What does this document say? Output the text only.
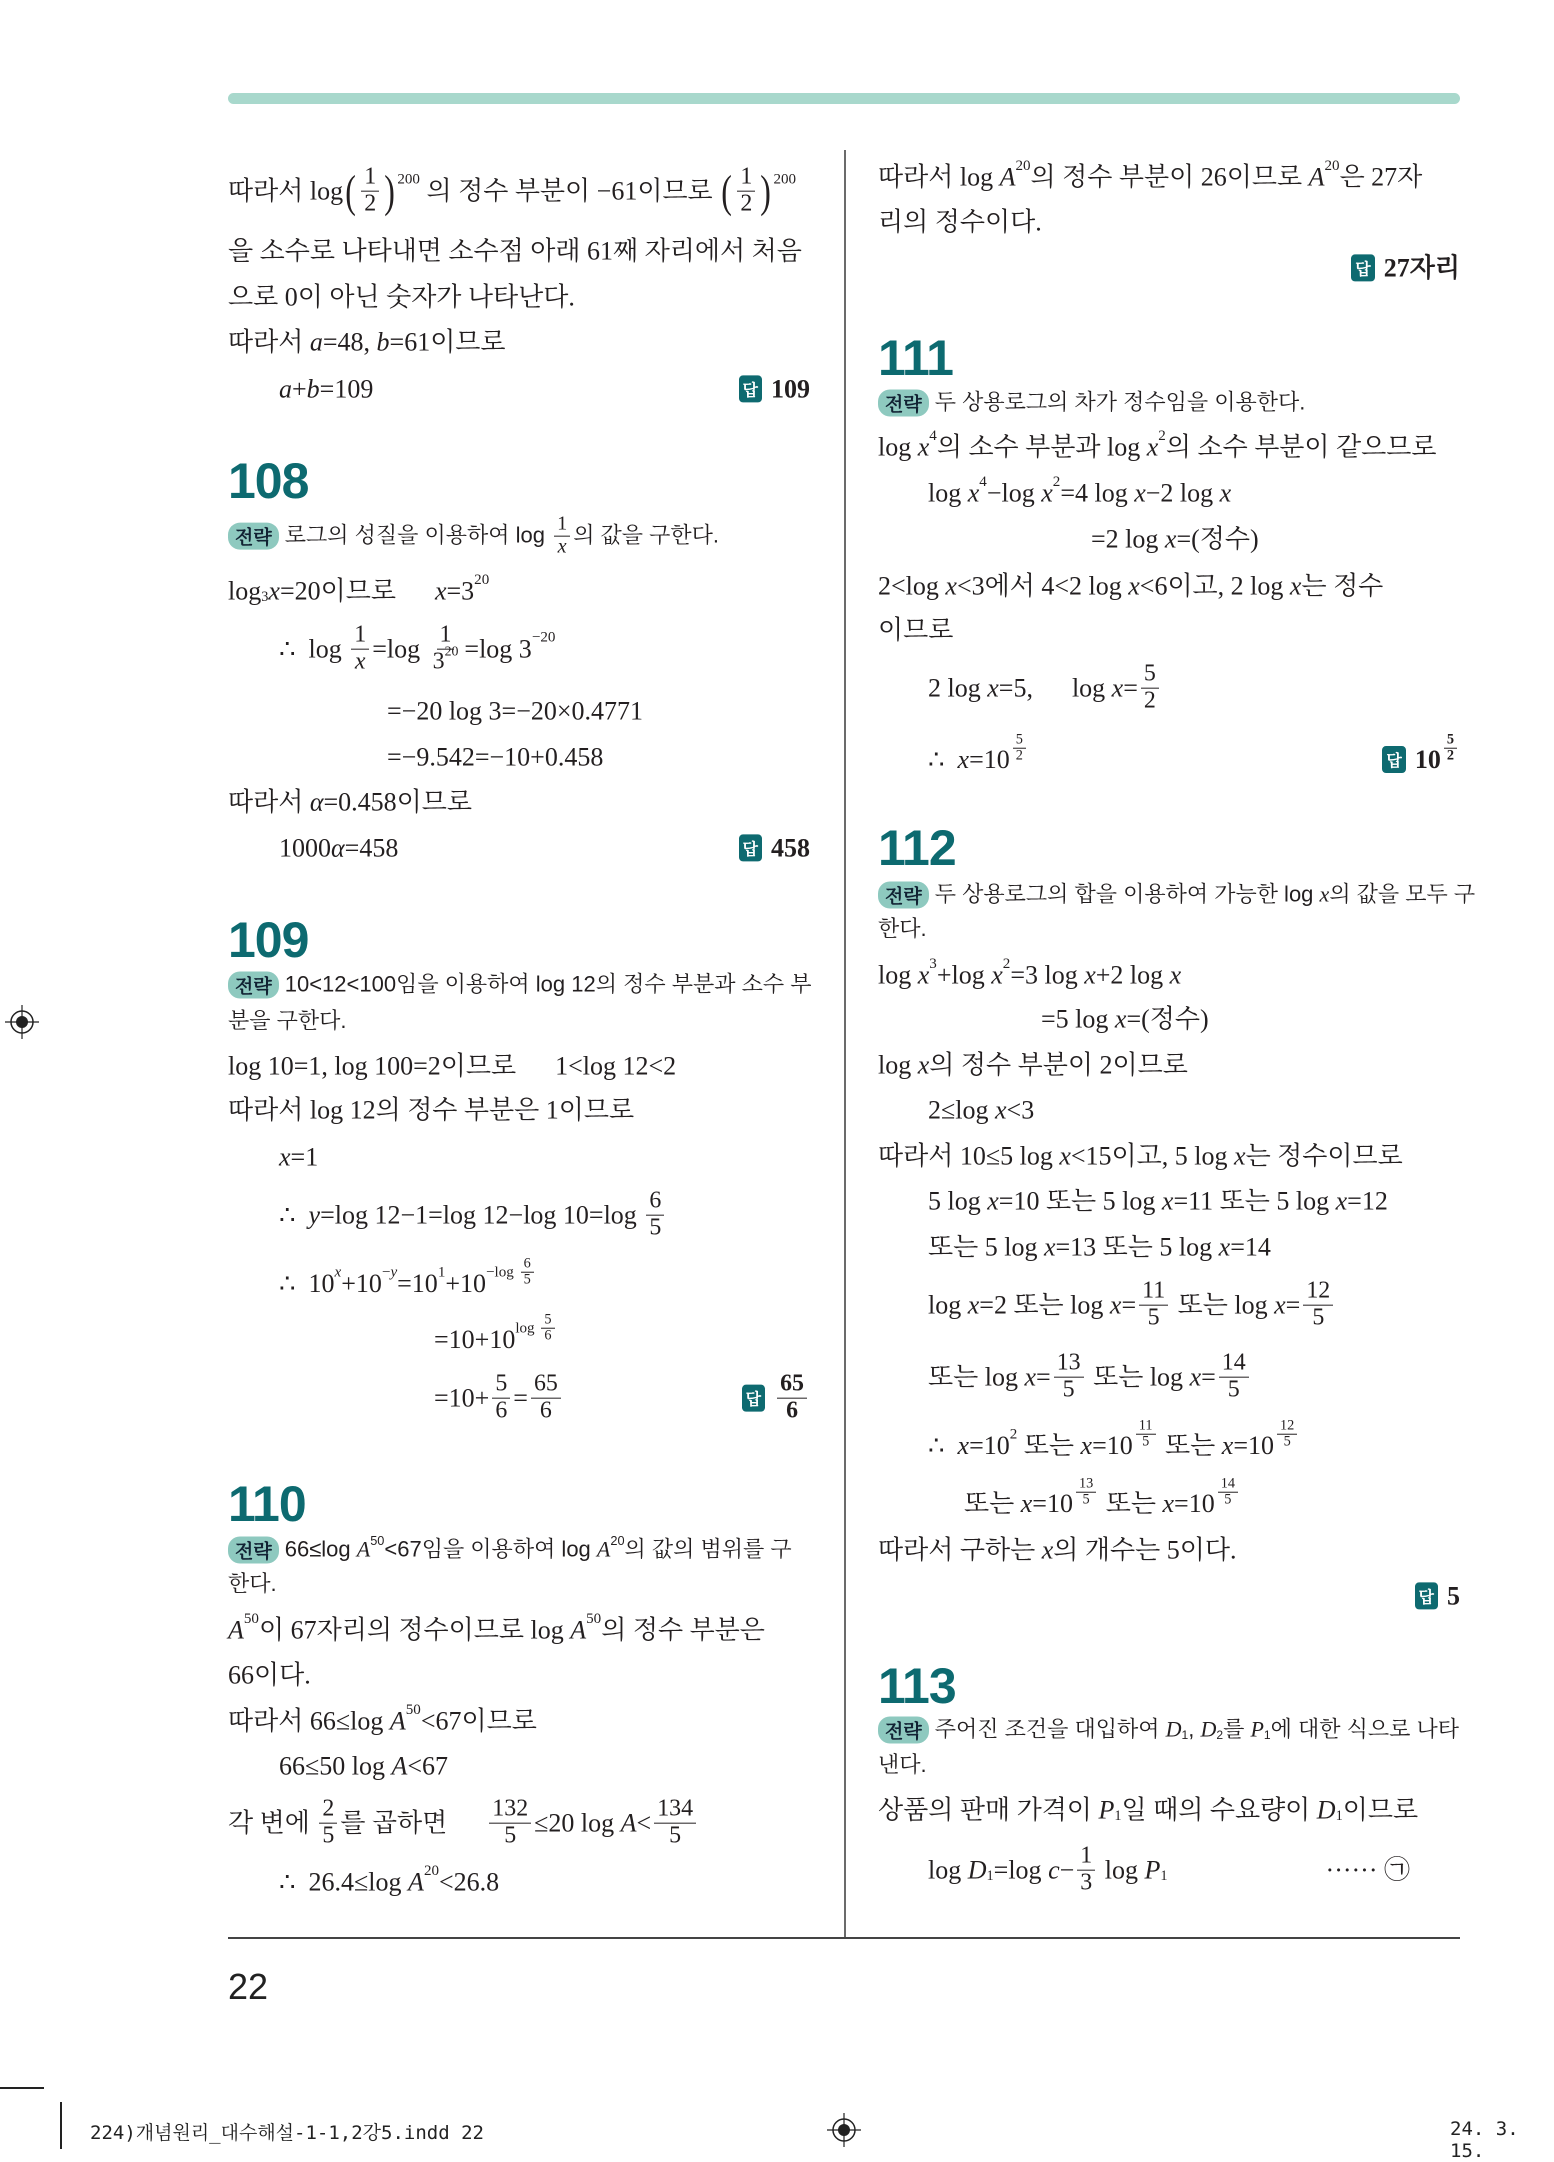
따라서 log ( $\frac{1}{2}$ ) 200 의 정수 부분이 −61이므로 ( $\frac{1}{2}$ ) 200
을 소수로 나타내면 소수점 아래 61째 자리에서 처음
으로 0이 아닌 숫자가 나타난다.
따라서 a =48, b =61이므로
a + b =109	답 109
108
전략 로그의 성질을 이용하여 $\log \frac{1}{x}$ 의 값을 구한다.
log 3 x =20이므로 x =3 20
∴  $\log \frac{1}{x} =\log \frac{1}{3 20} =\log$ 3 −20
=−20 log 3=−20×0.4771
=−9.542=−10+0.458
따라서 α =0.458이므로
1000 α =458	답 458
109
전략 10<12<100임을 이용하여 log 12의 정수 부분과 소수 부
분을 구한다.
log 10=1, log 100=2이므로      1<log 12<2
따라서 log 12의 정수 부분은 1이므로
x =1
∴ y =log 12−1=log 12−log $10=\log \frac{6}{5}$
∴  10 x +10 − y =10 $1 +10 -\log \frac{6}{5}$
=10+10 $\log \frac{5}{6}$
$=10+ \frac{5}{6} = \frac{65}{6}$	답 $\frac{65}{6}$
110
전략 66≤log A 50 <67임을 이용하여 log A 20 의 값의 범위를 구
한다.
A 50 이 67자리의 정수이므로 log A 50 의 정수 부분은
66이다.
따라서 66≤log A 50 <67이므로
66≤50 log A <67
각 변에 $\frac{2}{5}$ 를 곱하면 $\frac{132}{5} \le 20$ $\log A < \frac{134}{5}$
∴  26.4≤log A 20 <26.8
따라서 log A 20 의 정수 부분이 26이므로 A 20 은 27자
리의 정수이다.
답 27자리
111
전략 두 상용로그의 차가 정수임을 이용한다.
log x 4 의 소수 부분과 log x 2 의 소수 부분이 같으므로
log x 4 −log x 2 =4 log x −2 log x
=2 log x =(정수)
2<log x <3에서 4<2 log x <6이고, 2 log x 는 정수
이므로
2 log x =5,      $\log x = \frac{5}{2}$
∴ $x =10 \frac{5}{2}$	답 $10 \frac{5}{2}$
112
전략 두 상용로그의 합을 이용하여 가능한 log x 의 값을 모두 구
한다.
log x 3 +log x 2 =3 log x +2 log x
=5 log x =(정수)
log x 의 정수 부분이 2이므로
2≤log x <3
따라서 10≤5 log x <15이고, 5 log x 는 정수이므로
5 log x =10 또는 5 log x =11 또는 5 log x =12
또는 5 log x =13 또는 5 log x =14
log x =2 또는 $\log x = \frac{11}{5}$ 또는 $\log x = \frac{12}{5}$
또는 $\log x = \frac{13}{5}$ 또는 $\log x = \frac{14}{5}$
∴ x =10 2 또는 $x =10 \frac{11}{5}$ 또는 $x =10 \frac{12}{5}$
또는 $x =10 \frac{13}{5}$ 또는 $x =10 \frac{14}{5}$
따라서 구하는 x 의 개수는 5이다.
답 5
113
전략 주어진 조건을 대입하여 D 1 , D 2 를 P 1 에 대한 식으로 나타
낸다.
상품의 판매 가격이 P 1 일 때의 수요량이 D 1 이므로
log D 1 =log $c - \frac{1}{3}$ log P 1	······ ㉠
22
224)개념원리_대수해설-1-1,2강5.indd 22	24. 3. 15.
